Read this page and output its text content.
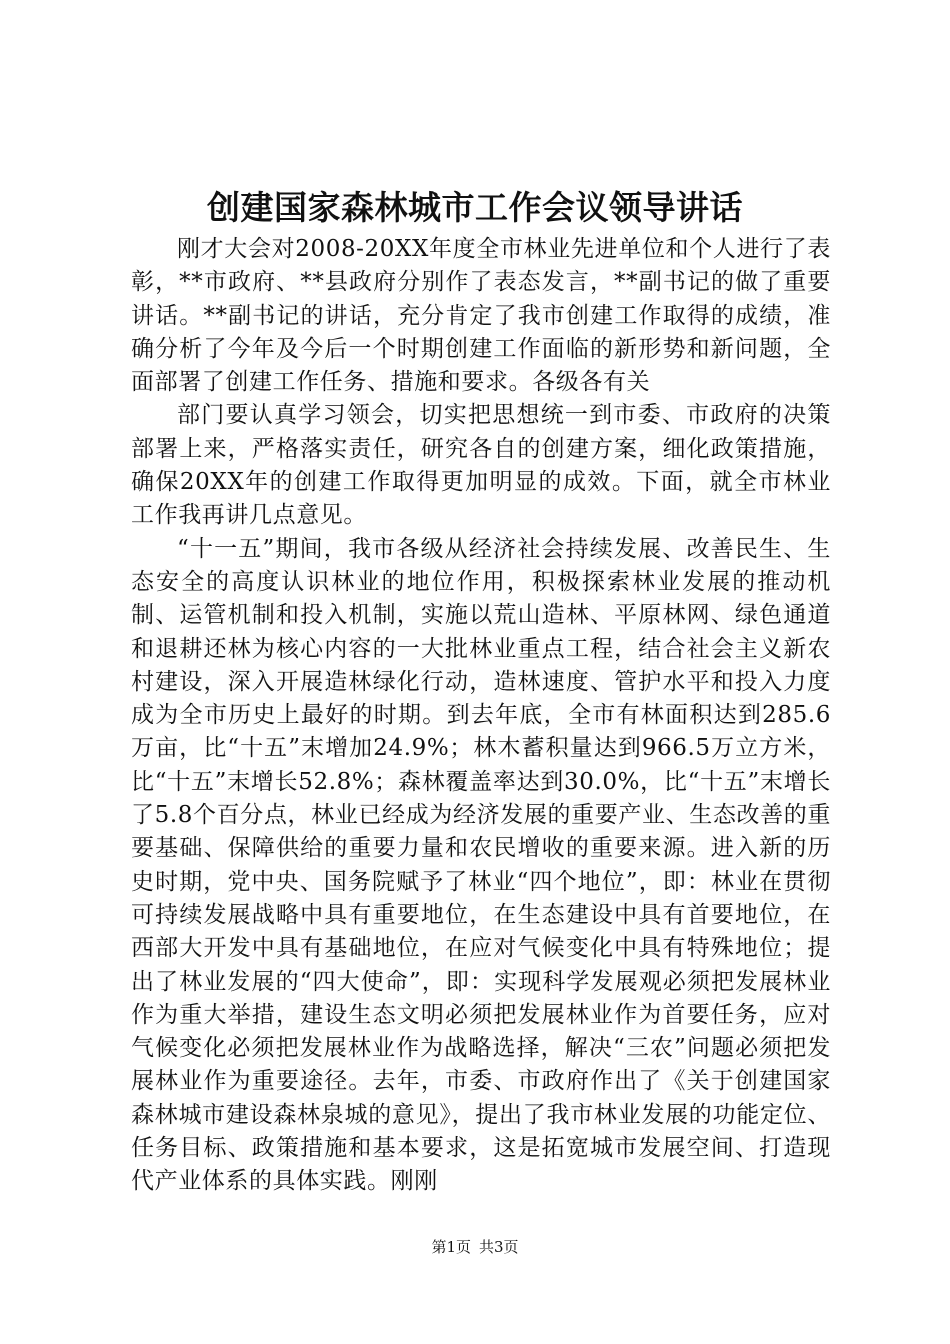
创建国家森林城市工作会议领导讲话

刚才大会对2008-20XX年度全市林业先进单位和个人进行了表彰，**市政府、**县政府分别作了表态发言，**副书记的做了重要讲话。**副书记的讲话，充分肯定了我市创建工作取得的成绩，准确分析了今年及今后一个时期创建工作面临的新形势和新问题，全面部署了创建工作任务、措施和要求。各级各有关

部门要认真学习领会，切实把思想统一到市委、市政府的决策部署上来，严格落实责任，研究各自的创建方案，细化政策措施，确保20XX年的创建工作取得更加明显的成效。下面，就全市林业工作我再讲几点意见。

“十一五”期间，我市各级从经济社会持续发展、改善民生、生态安全的高度认识林业的地位作用，积极探索林业发展的推动机制、运管机制和投入机制，实施以荒山造林、平原林网、绿色通道和退耕还林为核心内容的一大批林业重点工程，结合社会主义新农村建设，深入开展造林绿化行动，造林速度、管护水平和投入力度成为全市历史上最好的时期。到去年底，全市有林面积达到285.6万亩，比“十五”末增加24.9%；林木蓄积量达到966.5万立方米，比“十五”末增长52.8%；森林覆盖率达到30.0%，比“十五”末增长了5.8个百分点，林业已经成为经济发展的重要产业、生态改善的重要基础、保障供给的重要力量和农民增收的重要来源。进入新的历史时期，党中央、国务院赋予了林业“四个地位”，即：林业在贯彻可持续发展战略中具有重要地位，在生态建设中具有首要地位，在西部大开发中具有基础地位，在应对气候变化中具有特殊地位；提出了林业发展的“四大使命”，即：实现科学发展观必须把发展林业作为重大举措，建设生态文明必须把发展林业作为首要任务，应对气候变化必须把发展林业作为战略选择，解决“三农”问题必须把发展林业作为重要途径。去年，市委、市政府作出了《关于创建国家森林城市建设森林泉城的意见》，提出了我市林业发展的功能定位、任务目标、政策措施和基本要求，这是拓宽城市发展空间、打造现代产业体系的具体实践。刚刚

第1页 共3页
